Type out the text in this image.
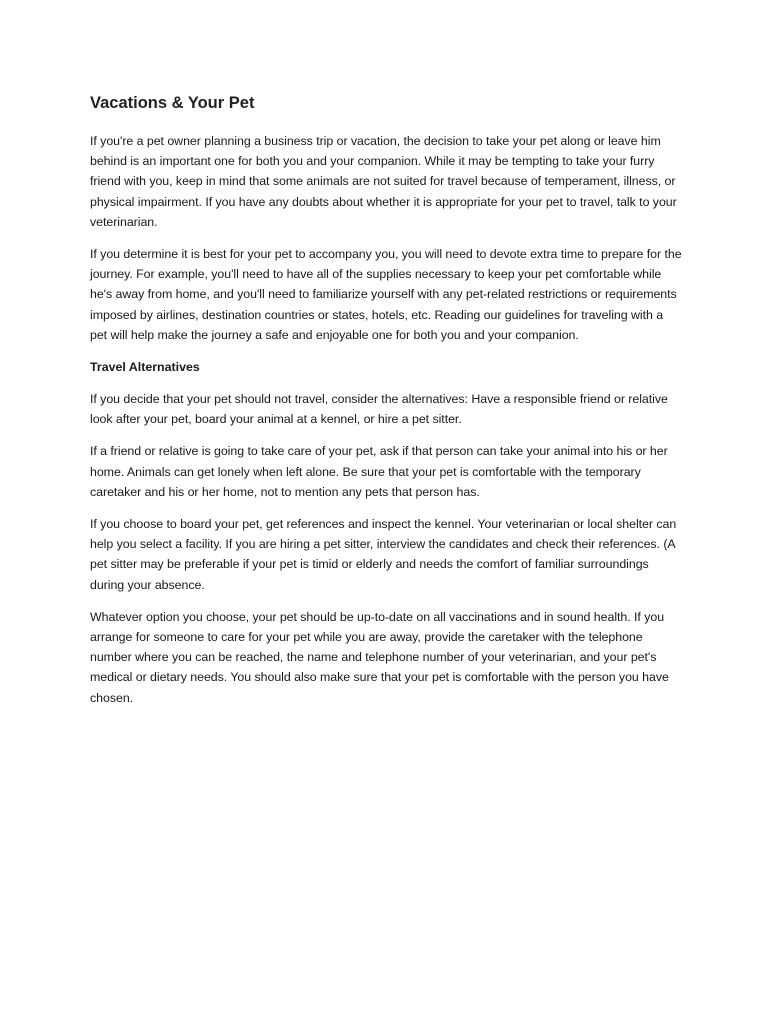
Vacations & Your Pet

If you're a pet owner planning a business trip or vacation, the decision to take your pet along or leave him behind is an important one for both you and your companion. While it may be tempting to take your furry friend with you, keep in mind that some animals are not suited for travel because of temperament, illness, or physical impairment. If you have any doubts about whether it is appropriate for your pet to travel, talk to your veterinarian.

If you determine it is best for your pet to accompany you, you will need to devote extra time to prepare for the journey. For example, you'll need to have all of the supplies necessary to keep your pet comfortable while he's away from home, and you'll need to familiarize yourself with any pet-related restrictions or requirements imposed by airlines, destination countries or states, hotels, etc. Reading our guidelines for traveling with a pet will help make the journey a safe and enjoyable one for both you and your companion.

Travel Alternatives

If you decide that your pet should not travel, consider the alternatives: Have a responsible friend or relative look after your pet, board your animal at a kennel, or hire a pet sitter.

If a friend or relative is going to take care of your pet, ask if that person can take your animal into his or her home. Animals can get lonely when left alone. Be sure that your pet is comfortable with the temporary caretaker and his or her home, not to mention any pets that person has.

If you choose to board your pet, get references and inspect the kennel. Your veterinarian or local shelter can help you select a facility. If you are hiring a pet sitter, interview the candidates and check their references. (A pet sitter may be preferable if your pet is timid or elderly and needs the comfort of familiar surroundings during your absence.

Whatever option you choose, your pet should be up-to-date on all vaccinations and in sound health. If you arrange for someone to care for your pet while you are away, provide the caretaker with the telephone number where you can be reached, the name and telephone number of your veterinarian, and your pet's medical or dietary needs. You should also make sure that your pet is comfortable with the person you have chosen.
